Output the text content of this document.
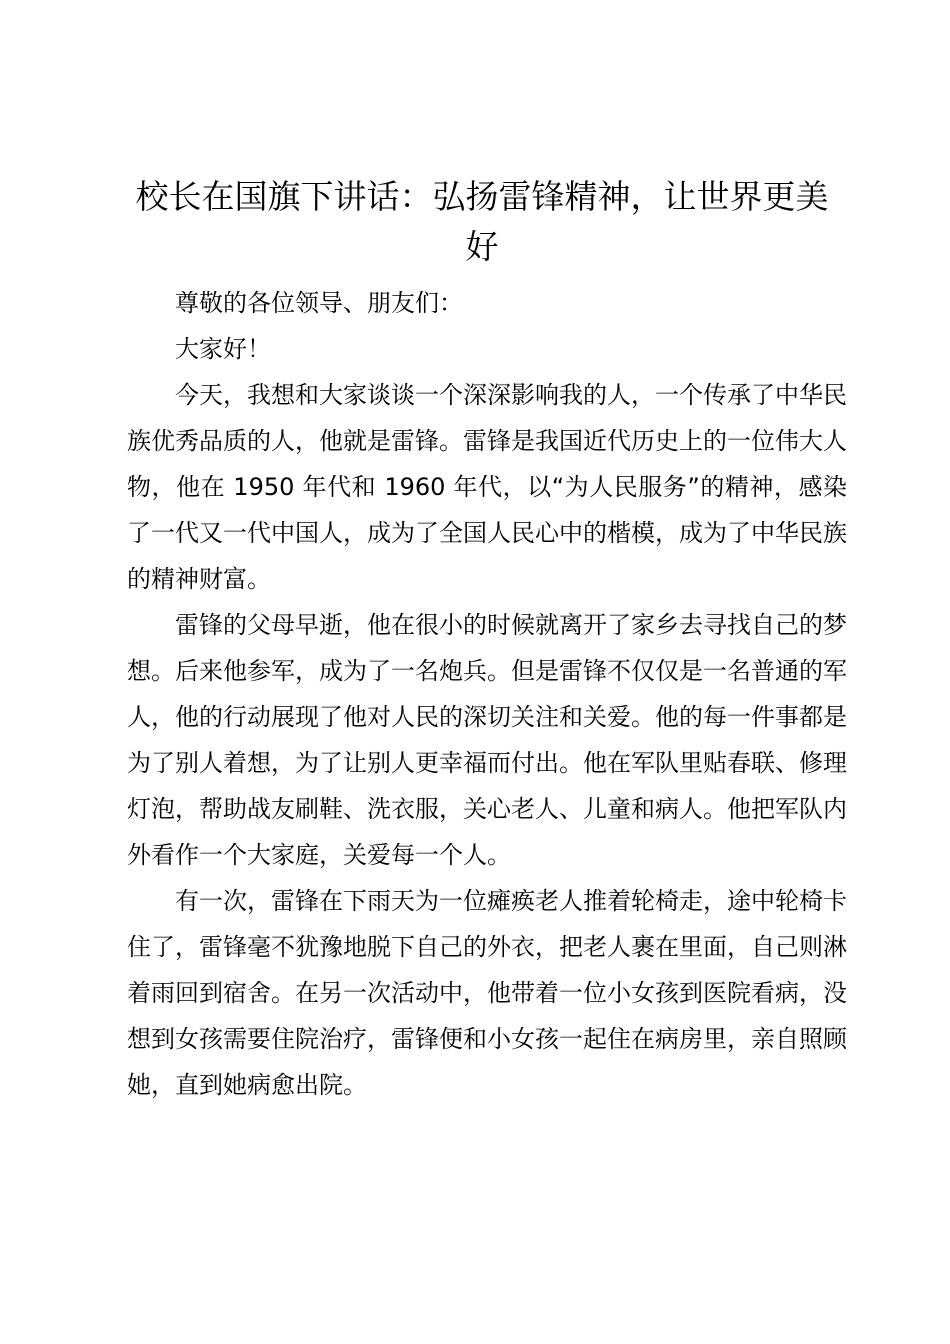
校长在国旗下讲话：弘扬雷锋精神，让世界更美好

尊敬的各位领导、朋友们：

大家好！

今天，我想和大家谈谈一个深深影响我的人，一个传承了中华民族优秀品质的人，他就是雷锋。雷锋是我国近代历史上的一位伟大人物，他在 1950 年代和 1960 年代，以“为人民服务”的精神，感染了一代又一代中国人，成为了全国人民心中的楷模，成为了中华民族的精神财富。

雷锋的父母早逝，他在很小的时候就离开了家乡去寻找自己的梦想。后来他参军，成为了一名炮兵。但是雷锋不仅仅是一名普通的军人，他的行动展现了他对人民的深切关注和关爱。他的每一件事都是为了别人着想，为了让别人更幸福而付出。他在军队里贴春联、修理灯泡，帮助战友刷鞋、洗衣服，关心老人、儿童和病人。他把军队内外看作一个大家庭，关爱每一个人。

有一次，雷锋在下雨天为一位瘫痪老人推着轮椅走，途中轮椅卡住了，雷锋毫不犹豫地脱下自己的外衣，把老人裹在里面，自己则淋着雨回到宿舍。在另一次活动中，他带着一位小女孩到医院看病，没想到女孩需要住院治疗，雷锋便和小女孩一起住在病房里，亲自照顾她，直到她病愈出院。
